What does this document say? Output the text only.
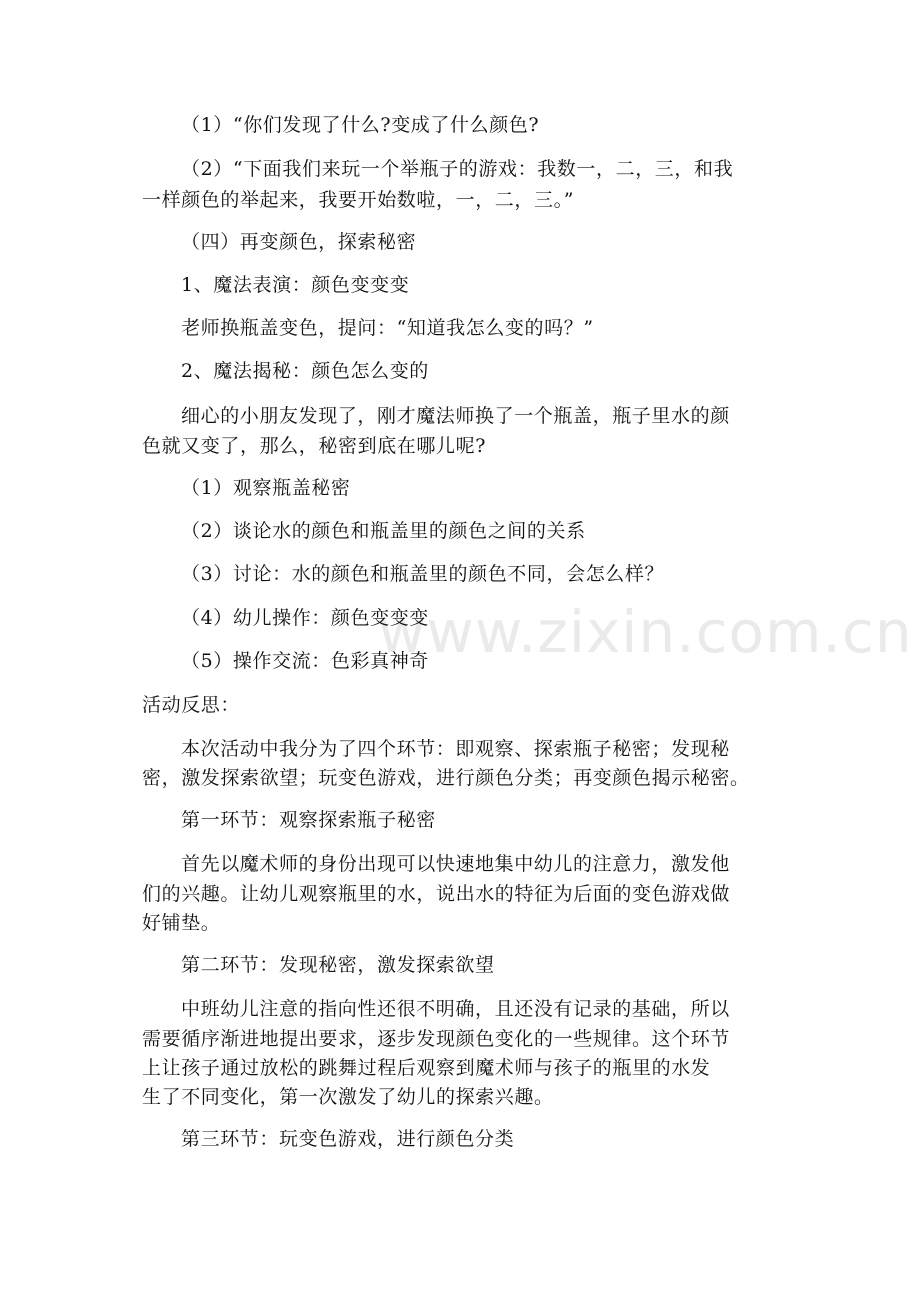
www.zixin.com.cn
（1）“你们发现了什么?变成了什么颜色?
（2）“下面我们来玩一个举瓶子的游戏：我数一，二，三，和我
一样颜色的举起来，我要开始数啦，一，二，三。”
（四）再变颜色，探索秘密
1、魔法表演：颜色变变变
老师换瓶盖变色，提问：“知道我怎么变的吗？”
2、魔法揭秘：颜色怎么变的
细心的小朋友发现了，刚才魔法师换了一个瓶盖，瓶子里水的颜
色就又变了，那么，秘密到底在哪儿呢?
（1）观察瓶盖秘密
（2）谈论水的颜色和瓶盖里的颜色之间的关系
（3）讨论：水的颜色和瓶盖里的颜色不同，会怎么样？
（4）幼儿操作：颜色变变变
（5）操作交流：色彩真神奇
活动反思：
本次活动中我分为了四个环节：即观察、探索瓶子秘密；发现秘
密，激发探索欲望；玩变色游戏，进行颜色分类；再变颜色揭示秘密。
第一环节：观察探索瓶子秘密
首先以魔术师的身份出现可以快速地集中幼儿的注意力，激发他
们的兴趣。让幼儿观察瓶里的水，说出水的特征为后面的变色游戏做
好铺垫。
第二环节：发现秘密，激发探索欲望
中班幼儿注意的指向性还很不明确，且还没有记录的基础，所以
需要循序渐进地提出要求，逐步发现颜色变化的一些规律。这个环节
上让孩子通过放松的跳舞过程后观察到魔术师与孩子的瓶里的水发
生了不同变化，第一次激发了幼儿的探索兴趣。
第三环节：玩变色游戏，进行颜色分类
